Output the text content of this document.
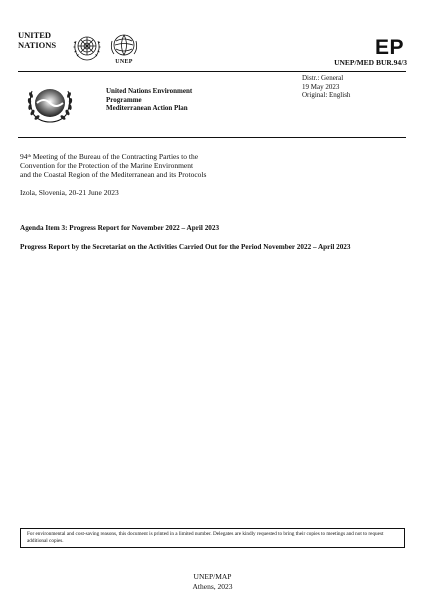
UNITED
NATIONS
UNEP
EP
UNEP/MED BUR.94/3
United Nations Environment
Programme
Mediterranean Action Plan
Distr.: General
19 May 2023
Original: English
94th Meeting of the Bureau of the Contracting Parties to the
Convention for the Protection of the Marine Environment
and the Coastal Region of the Mediterranean and its Protocols
Izola, Slovenia, 20-21 June 2023
Agenda Item 3: Progress Report for November 2022 – April 2023
Progress Report by the Secretariat on the Activities Carried Out for the Period November 2022 – April 2023
For environmental and cost-saving reasons, this document is printed in a limited number. Delegates are kindly requested to bring their copies to meetings and not to request additional copies.
UNEP/MAP
Athens, 2023
